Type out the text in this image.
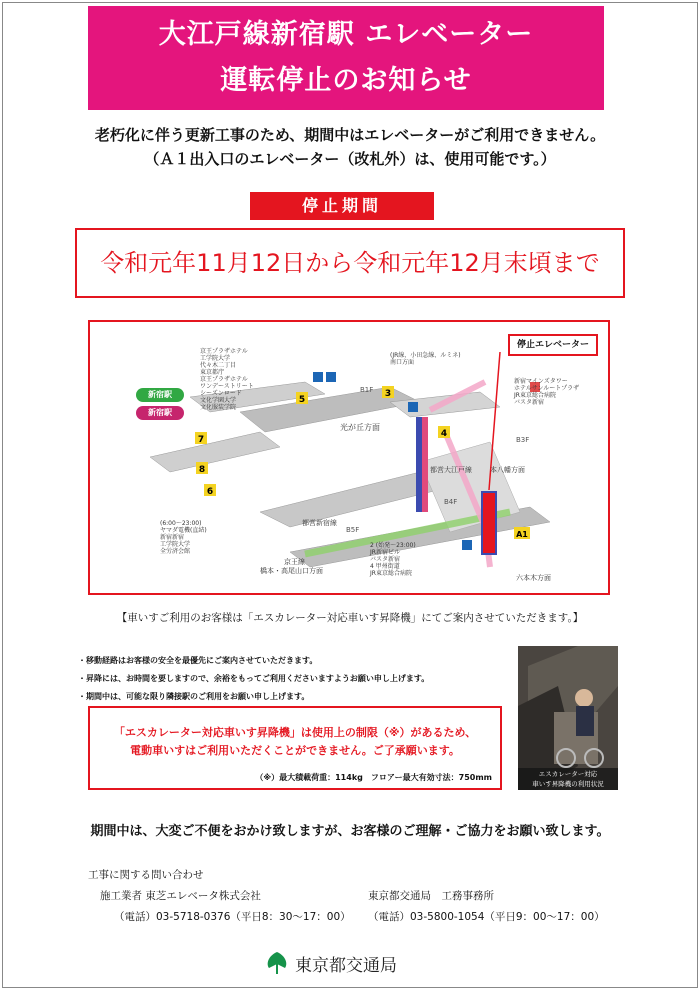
大江戸線新宿駅 エレベーター
運転停止のお知らせ
老朽化に伴う更新工事のため、期間中はエレベーターがご利用できません。
（Ａ１出入口のエレベーター（改札外）は、使用可能です。）
停止期間
令和元年11月12日から令和元年12月末頃まで
3
4
5
7
6
8
A1
B1F
B4F
B5F
B3F
光が丘方面
都営大江戸線
都営新宿線
京王線
橋本・高尾山口方面
本八幡方面
六本木方面
停止エレベーター
新宿駅
新宿駅
京王プラザホテル
工学院大学
代々木二丁目
東京都庁
京王プラザホテル
ワンデーストリート
シーズンロード
文化学園大学
文化服装学院
(6:00〜23:00)
ヤマダ電機(直結)
新宿新宿
工学院大学
全労済会館
(JR線、小田急線、ルミネ)
南口方面
新宿マインズタワー
ホテルサンルートプラザ
JR東京総合病院
バスタ新宿
2 (始発〜23:00)
JR新宿ビル
バスタ新宿
4 甲州街道
JR東京総合病院
【車いすご利用のお客様は「エスカレーター対応車いす昇降機」にてご案内させていただきます。】
・移動経路はお客様の安全を最優先にご案内させていただきます。
・昇降には、お時間を要しますので、余裕をもってご利用くださいますようお願い申し上げます。
・期間中は、可能な限り隣接駅のご利用をお願い申し上げます。
エスカレーター対応
車いす昇降機の利用状況
「エスカレーター対応車いす昇降機」は使用上の制限（※）があるため、
電動車いすはご利用いただくことができません。ご了承願います。
（※）最大積載荷重：114kg　フロアー最大有効寸法：750mm
期間中は、大変ご不便をおかけ致しますが、お客様のご理解・ご協力をお願い致します。
工事に関する問い合わせ
施工業者 東芝エレベータ株式会社
（電話）03-5718-0376（平日8：30～17：00）
東京都交通局　工務事務所
（電話）03-5800-1054（平日9：00～17：00）
東京都交通局
